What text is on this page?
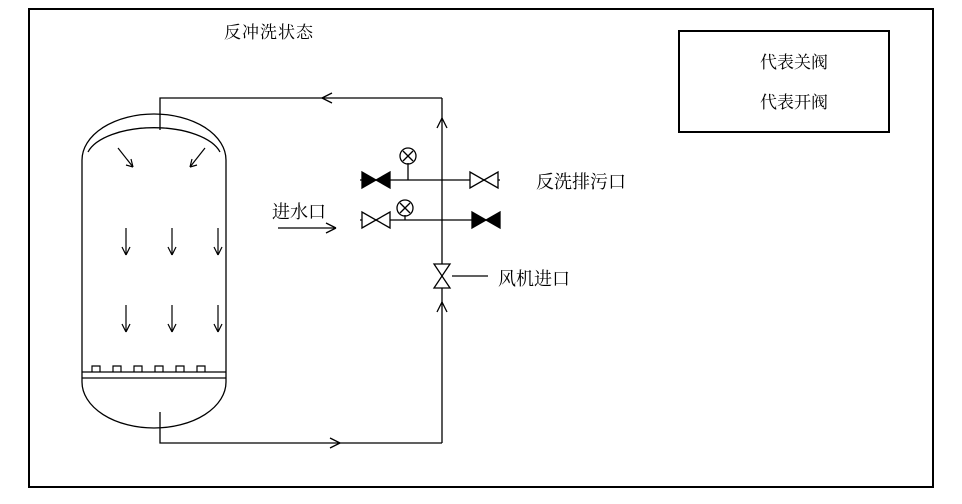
反冲洗状态
进水口
反洗排污口
风机进口
代表关阀
代表开阀
